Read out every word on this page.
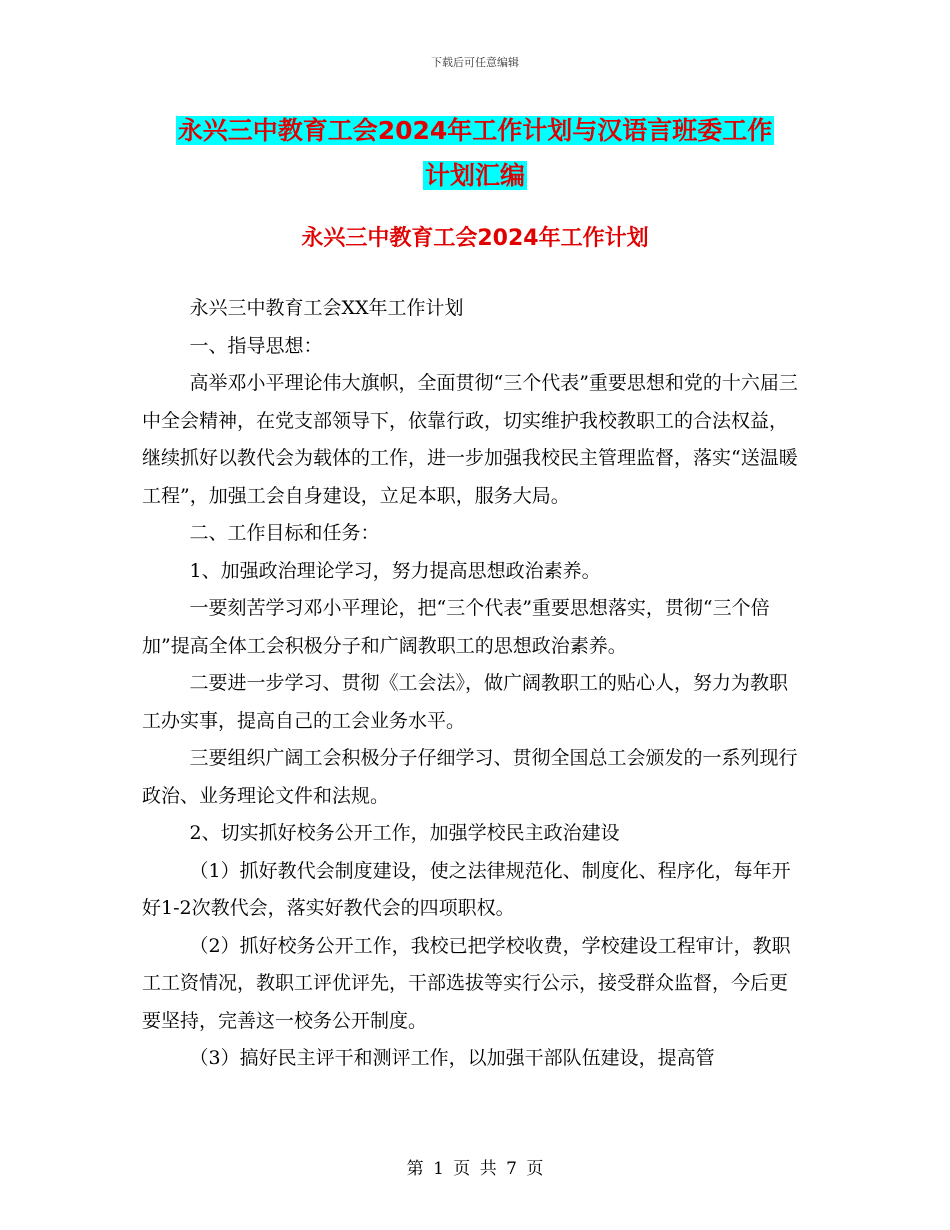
下载后可任意编辑
永兴三中教育工会2024年工作计划与汉语言班委工作
计划汇编
永兴三中教育工会2024年工作计划

永兴三中教育工会XX年工作计划

一、指导思想：

高举邓小平理论伟大旗帜，全面贯彻“三个代表”重要思想和党的十六届三中全会精神，在党支部领导下，依靠行政，切实维护我校教职工的合法权益，继续抓好以教代会为载体的工作，进一步加强我校民主管理监督，落实“送温暖工程”，加强工会自身建设，立足本职，服务大局。

二、工作目标和任务：

1、加强政治理论学习，努力提高思想政治素养。

一要刻苦学习邓小平理论，把“三个代表”重要思想落实，贯彻“三个倍加”提高全体工会积极分子和广阔教职工的思想政治素养。

二要进一步学习、贯彻《工会法》，做广阔教职工的贴心人，努力为教职工办实事，提高自己的工会业务水平。

三要组织广阔工会积极分子仔细学习、贯彻全国总工会颁发的一系列现行政治、业务理论文件和法规。

2、切实抓好校务公开工作，加强学校民主政治建设

（1）抓好教代会制度建设，使之法律规范化、制度化、程序化，每年开好1-2次教代会，落实好教代会的四项职权。

（2）抓好校务公开工作，我校已把学校收费，学校建设工程审计，教职工工资情况，教职工评优评先，干部选拔等实行公示，接受群众监督，今后更要坚持，完善这一校务公开制度。

（3）搞好民主评干和测评工作，以加强干部队伍建设，提高管

第 1 页 共 7 页
